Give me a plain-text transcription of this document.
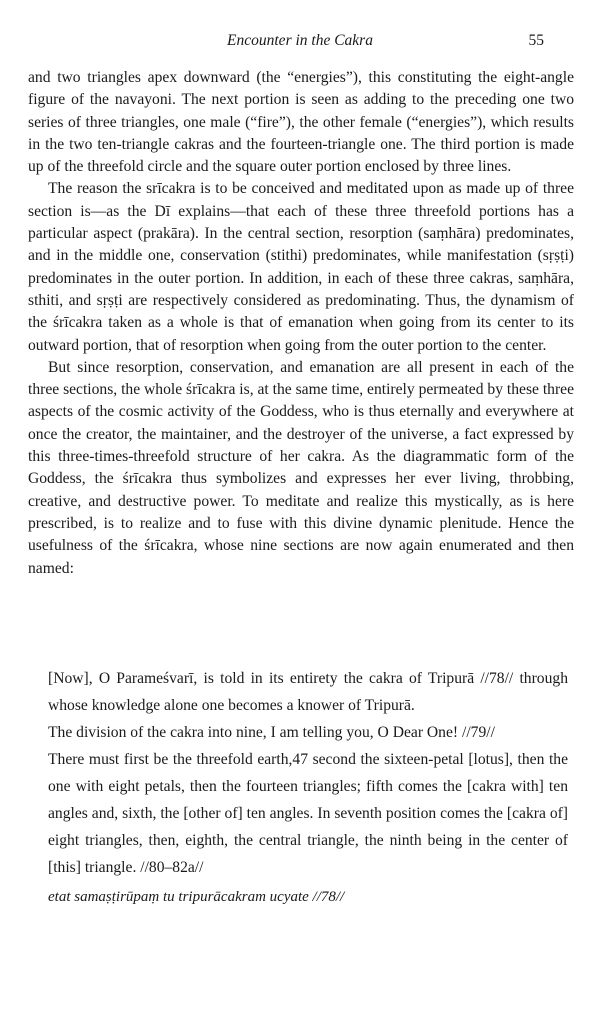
Encounter in the Cakra	55

and two triangles apex downward (the “energies”), this constituting the eight-angle figure of the navayoni. The next portion is seen as adding to the preceding one two series of three triangles, one male (“fire”), the other female (“energies”), which results in the two ten-triangle cakras and the fourteen-triangle one. The third portion is made up of the threefold circle and the square outer portion enclosed by three lines.

The reason the srīcakra is to be conceived and meditated upon as made up of three section is—as the Dī explains—that each of these three threefold portions has a particular aspect (prakāra). In the central section, resorption (saṃhāra) predominates, and in the middle one, conservation (stithi) predominates, while manifestation (sṛṣṭi) predominates in the outer portion. In addition, in each of these three cakras, saṃhāra, sthiti, and sṛṣṭi are respectively considered as predominating. Thus, the dynamism of the śrīcakra taken as a whole is that of emanation when going from its center to its outward portion, that of resorption when going from the outer portion to the center.

But since resorption, conservation, and emanation are all present in each of the three sections, the whole śrīcakra is, at the same time, entirely permeated by these three aspects of the cosmic activity of the Goddess, who is thus eternally and everywhere at once the creator, the maintainer, and the destroyer of the universe, a fact expressed by this three-times-threefold structure of her cakra. As the diagrammatic form of the Goddess, the śrīcakra thus symbolizes and expresses her ever living, throbbing, creative, and destructive power. To meditate and realize this mystically, as is here prescribed, is to realize and to fuse with this divine dynamic plenitude. Hence the usefulness of the śrīcakra, whose nine sections are now again enumerated and then named:

[Now], O Parameśvarī, is told in its entirety the cakra of Tripurā //78// through whose knowledge alone one becomes a knower of Tripurā.

The division of the cakra into nine, I am telling you, O Dear One! //79//

There must first be the threefold earth,47 second the sixteen-petal [lotus], then the one with eight petals, then the fourteen triangles; fifth comes the [cakra with] ten angles and, sixth, the [other of] ten angles. In seventh position comes the [cakra of] eight triangles, then, eighth, the central triangle, the ninth being in the center of [this] triangle. //80–82a//

etat samaṣṭirūpaṃ tu tripurācakram ucyate //78//
